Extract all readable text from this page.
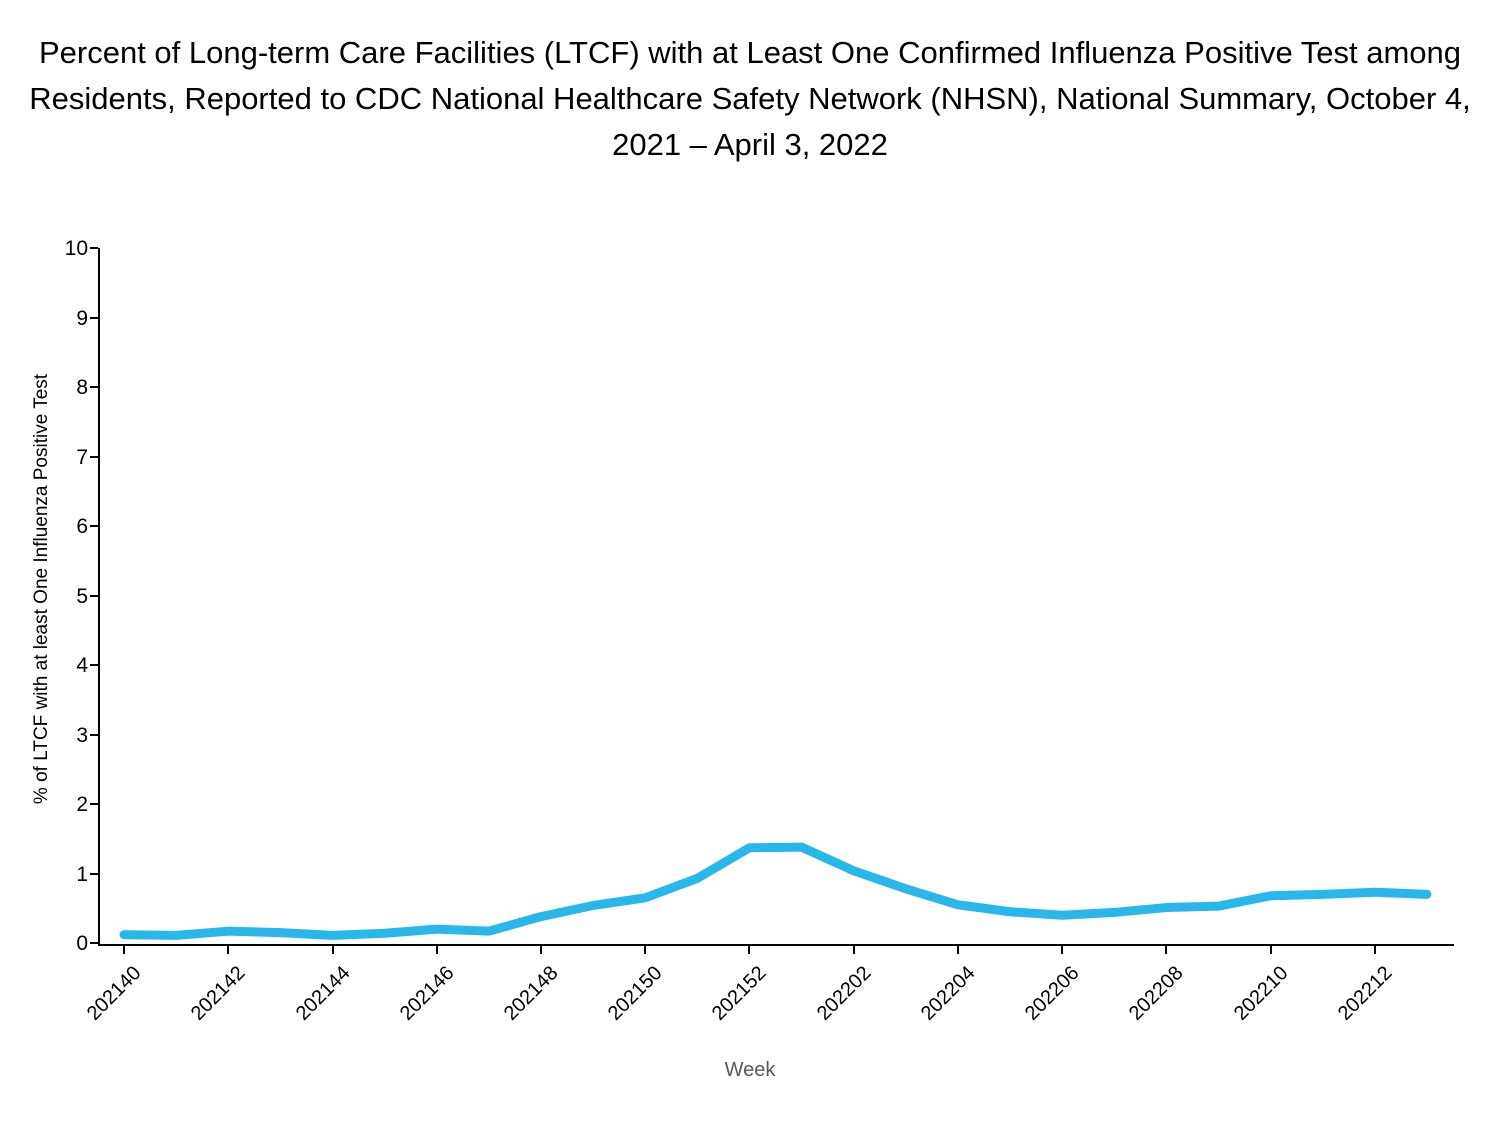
Percent of Long-term Care Facilities (LTCF) with at Least One Confirmed Influenza Positive Test among Residents, Reported to CDC National Healthcare Safety Network (NHSN), National Summary, October 4, 2021 – April 3, 2022
% of LTCF with at least One Influenza Positive Test
Week
0
1
2
3
4
5
6
7
8
9
10
202140 202142 202144 202146 202148 202150 202152 202202 202204 202206 202208 202210 202212
